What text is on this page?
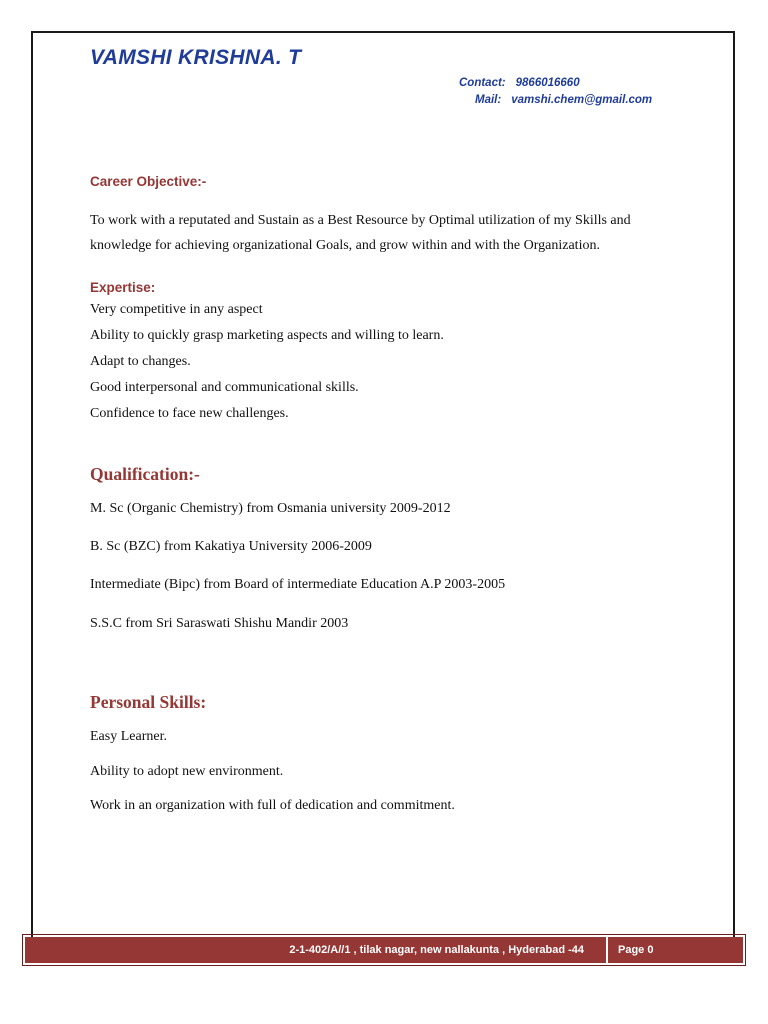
VAMSHI KRISHNA. T
Contact: 9866016660
Mail: vamshi.chem@gmail.com
Career Objective:-

To work with a reputated and Sustain as a Best Resource by Optimal utilization of my Skills and knowledge for achieving organizational Goals, and grow within and with the Organization.

Expertise:

Very competitive in any aspect

Ability to quickly grasp marketing aspects and willing to learn.

Adapt to changes.

Good interpersonal and communicational skills.

Confidence to face new challenges.

Qualification:-

M. Sc (Organic Chemistry) from Osmania university 2009-2012

B. Sc (BZC) from Kakatiya University 2006-2009

Intermediate (Bipc) from Board of intermediate Education A.P 2003-2005

S.S.C from Sri Saraswati Shishu Mandir 2003

Personal Skills:

Easy Learner.

Ability to adopt new environment.

Work in an organization with full of dedication and commitment.

2-1-402/A//1 , tilak nagar, new nallakunta , Hyderabad -44	Page 0
